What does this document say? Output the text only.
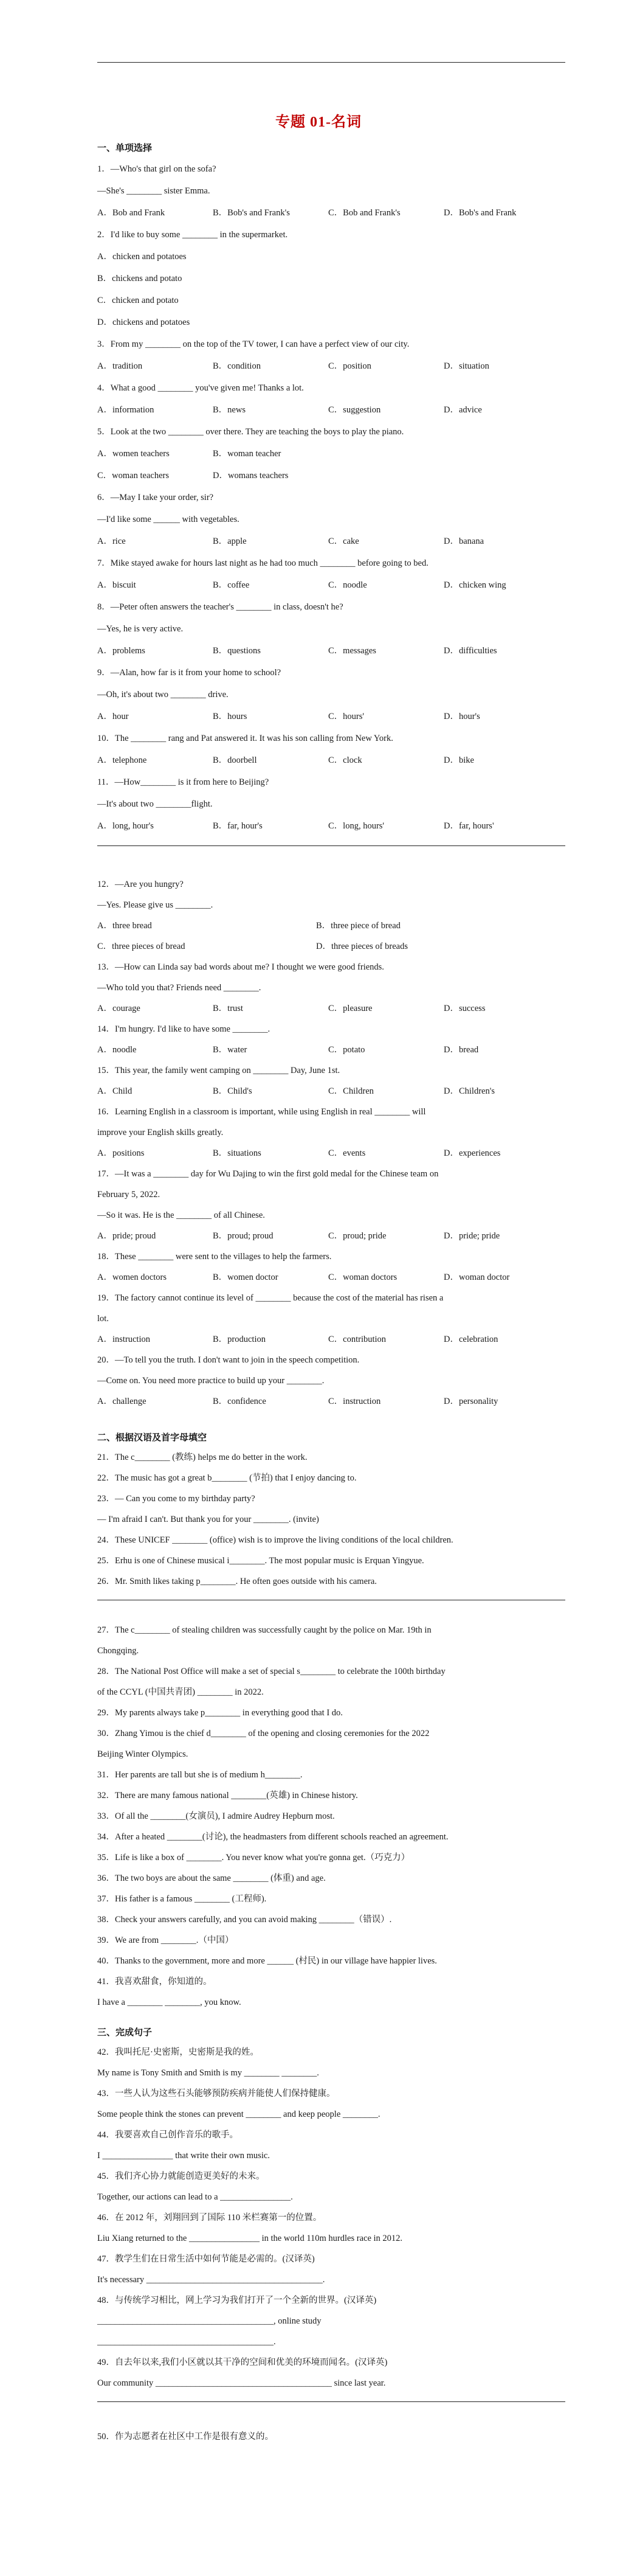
专题 01-名词
一、单项选择
1．—Who's that girl on the sofa?
—She's ________ sister Emma.
A．Bob and Frank	B．Bob's and Frank's	C．Bob and Frank's	D．Bob's and Frank
2．I'd like to buy some ________ in the supermarket.
A．chicken and potatoes
B．chickens and potato
C．chicken and potato
D．chickens and potatoes
3．From my ________ on the top of the TV tower, I can have a perfect view of our city.
A．tradition	B．condition	C．position	D．situation
4．What a good ________ you've given me! Thanks a lot.
A．information	B．news	C．suggestion	D．advice
5．Look at the two ________ over there. They are teaching the boys to play the piano.
A．women teachers	B．woman teacher
C．woman teachers	D．womans teachers
6．—May I take your order, sir?
—I'd like some ______ with vegetables.
A．rice	B．apple	C．cake	D．banana
7．Mike stayed awake for hours last night as he had too much ________ before going to bed.
A．biscuit	B．coffee	C．noodle	D．chicken wing
8．—Peter often answers the teacher's ________ in class, doesn't he?
—Yes, he is very active.
A．problems	B．questions	C．messages	D．difficulties
9．—Alan, how far is it from your home to school?
—Oh, it's about two ________ drive.
A．hour	B．hours	C．hours'	D．hour's
10．The ________ rang and Pat answered it. It was his son calling from New York.
A．telephone	B．doorbell	C．clock	D．bike
11．—How________ is it from here to Beijing?
—It's about two ________flight.
A．long, hour's	B．far, hour's	C．long, hours'	D．far, hours'
12．—Are you hungry?
—Yes. Please give us ________.
A．three bread	B．three piece of bread
C．three pieces of bread	D．three pieces of breads
13．—How can Linda say bad words about me? I thought we were good friends.
—Who told you that? Friends need ________.
A．courage	B．trust	C．pleasure	D．success
14．I'm hungry. I'd like to have some ________.
A．noodle	B．water	C．potato	D．bread
15．This year, the family went camping on ________ Day, June 1st.
A．Child	B．Child's	C．Children	D．Children's
16．Learning English in a classroom is important, while using English in real ________ will
improve your English skills greatly.
A．positions	B．situations	C．events	D．experiences
17．—It was a ________ day for Wu Dajing to win the first gold medal for the Chinese team on
February 5, 2022.
—So it was. He is the ________ of all Chinese.
A．pride; proud	B．proud; proud	C．proud; pride	D．pride; pride
18．These ________ were sent to the villages to help the farmers.
A．women doctors	B．women doctor	C．woman doctors	D．woman doctor
19．The factory cannot continue its level of ________ because the cost of the material has risen a
lot.
A．instruction	B．production	C．contribution	D．celebration
20．—To tell you the truth. I don't want to join in the speech competition.
—Come on. You need more practice to build up your ________.
A．challenge	B．confidence	C．instruction	D．personality
二、根据汉语及首字母填空
21．The c________ (教练) helps me do better in the work.
22．The music has got a great b________ (节拍) that I enjoy dancing to.
23．— Can you come to my birthday party?
— I'm afraid I can't. But thank you for your ________. (invite)
24．These UNICEF ________ (office) wish is to improve the living conditions of the local children.
25．Erhu is one of Chinese musical i________. The most popular music is Erquan Yingyue.
26．Mr. Smith likes taking p________. He often goes outside with his camera.
27．The c________ of stealing children was successfully caught by the police on Mar. 19th in
Chongqing.
28．The National Post Office will make a set of special s________ to celebrate the 100th birthday
of the CCYL (中国共青团) ________ in 2022.
29．My parents always take p________ in everything good that I do.
30．Zhang Yimou is the chief d________ of the opening and closing ceremonies for the 2022
Beijing Winter Olympics.
31．Her parents are tall but she is of medium h________.
32．There are many famous national ________(英雄) in Chinese history.
33．Of all the ________(女演员), I admire Audrey Hepburn most.
34．After a heated ________(讨论), the headmasters from different schools reached an agreement.
35．Life is like a box of ________. You never know what you're gonna get.（巧克力）
36．The two boys are about the same ________ (体重) and age.
37．His father is a famous ________ (工程师).
38．Check your answers carefully, and you can avoid making ________（错误）.
39．We are from ________.（中国）
40．Thanks to the government, more and more ______ (村民) in our village have happier lives.
41．我喜欢甜食，你知道的。
I have a ________ ________, you know.
三、完成句子
42．我叫托尼·史密斯，史密斯是我的姓。
My name is Tony Smith and Smith is my ________ ________.
43．一些人认为这些石头能够预防疾病并能使人们保持健康。
Some people think the stones can prevent ________ and keep people ________.
44．我要喜欢自己创作音乐的歌手。
I ________________ that write their own music.
45．我们齐心协力就能创造更美好的未来。
Together, our actions can lead to a ________________.
46．在 2012 年，刘翔回到了国际 110 米栏赛第一的位置。
Liu Xiang returned to the ________________ in the world 110m hurdles race in 2012.
47．教学生们在日常生活中如何节能是必需的。(汉译英)
It's necessary ________________________________________.
48．与传统学习相比，网上学习为我们打开了一个全新的世界。(汉译英)
________________________________________, online study
________________________________________.
49．自去年以来,我们小区就以其干净的空间和优美的环境而闻名。(汉译英)
Our community ________________________________________ since last year.
50．作为志愿者在社区中工作是很有意义的。
